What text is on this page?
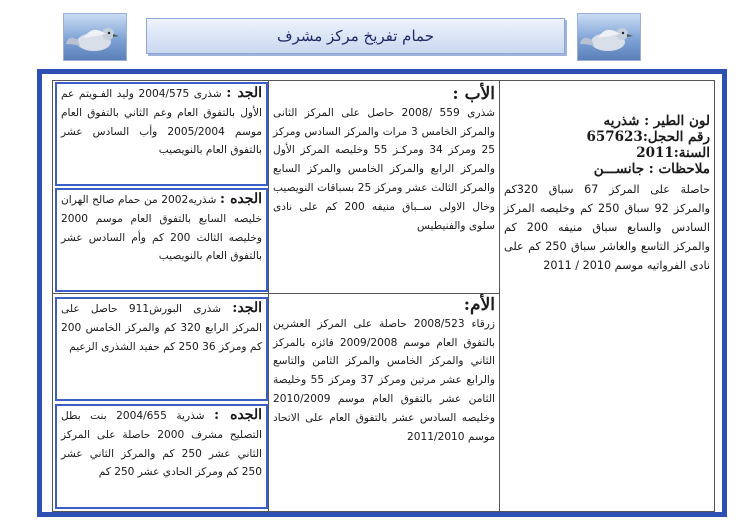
حمام تفريخ مركز مشرف
لون الطير : شذريه
رقم الحجل:657623
السنة:2011
ملاحظات : جانســـن
حاصلة على المركز 67 سباق 320كم والمركز 92 سباق 250 كم وخليصه المركز السادس والسابع سباق منيفه 200 كم والمركز التاسع والعاشر سباق 250 كم على نادى الفرواتيه موسم 2010 / 2011
الأب :
شذرى 559 /2008 حاصل على المركز الثانى والمركز الخامس 3 مرات والمركز السادس ومركز 25 ومركز 34 ومركـز 55 وخليصه المركز الأول والمركز الرابع والمركز الخامس والمركز السابع والمركز الثالث عشر ومركز 25 بسباقات النويصيب وخال الاولى ســباق منيفه 200 كم على نادى سلوى والفنيطيس
الأم:
زرقاء 2008/523 حاصلة على المركز العشرين بالتفوق العام موسم 2009/2008 فائزه بالمركز الثاني والمركز الخامس والمركز الثامن والتاسع والرابع عشر مرتين ومركز 37 ومركز 55 وخليصة الثامن عشر بالتفوق العام موسم 2010/2009 وخليصه السادس عشر بالتفوق العام على الاتحاد موسم 2011/2010
الجد : شذرى 2004/575 وليد الفـويتم عم الأول بالتفوق العام وعم الثاني بالتفوق العام موسم 2005/2004 وأب السادس عشر بالتفوق العام بالنويصيب
الجده : شذريه2002 من حمام صالح الهران خليصه السابع بالتفوق العام موسم 2000 وخليصه الثالث 200 كم وأم السادس عشر بالتفوق العام بالنويصيب
الجد: شذرى البورش911 حاصل على المركز الرابع 320 كم والمركز الخامس 200 كم ومركز 36 250 كم حفيد الشذرى الزعيم
الجده : شذرية 2004/655 بنت بطل التصليح مشرف 2000 حاصلة على المركز الثاني عشر 250 كم والمركز الثاني عشر 250 كم ومركز الحادي عشر 250 كم
